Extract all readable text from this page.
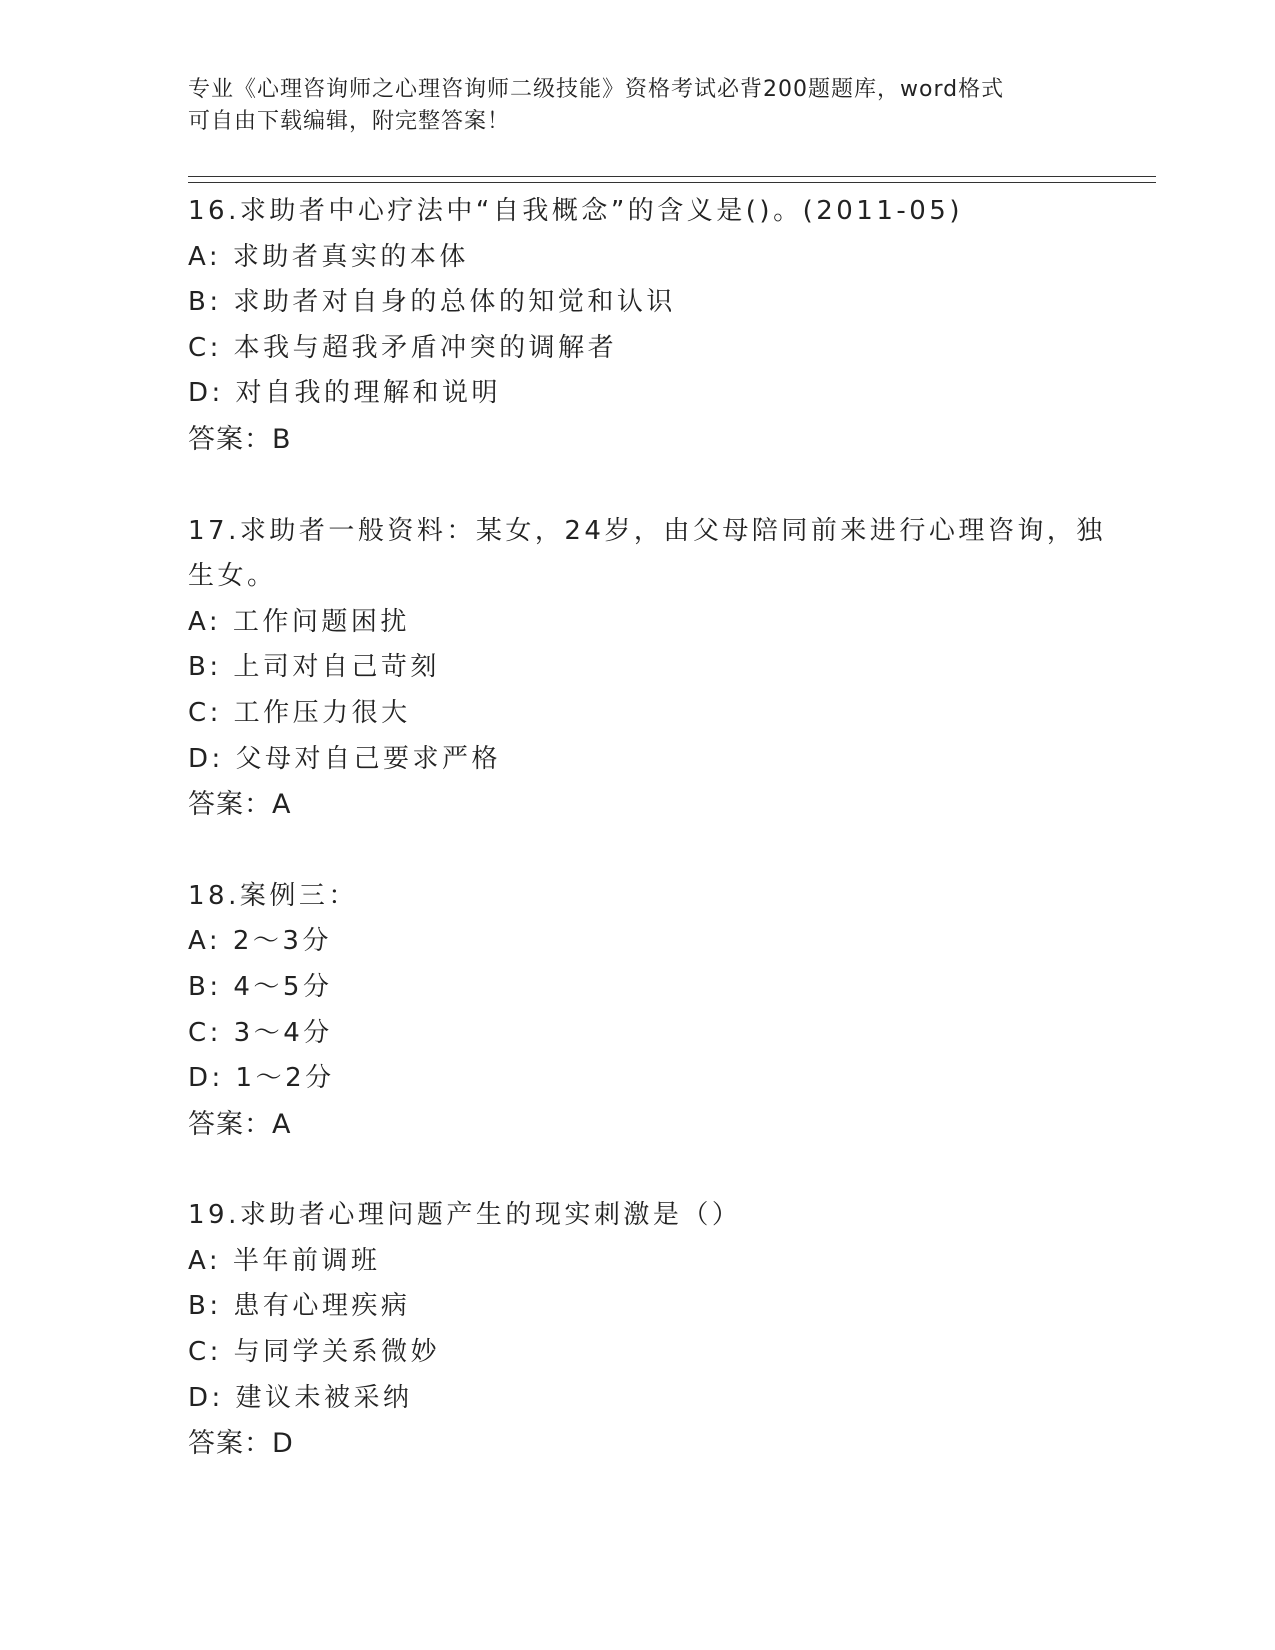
专业《心理咨询师之心理咨询师二级技能》资格考试必背200题题库，word格式
可自由下载编辑，附完整答案！
16.求助者中心疗法中“自我概念”的含义是()。(2011-05)
A: 求助者真实的本体
B: 求助者对自身的总体的知觉和认识
C: 本我与超我矛盾冲突的调解者
D: 对自我的理解和说明
答案：B
17.求助者一般资料：某女，24岁，由父母陪同前来进行心理咨询，独
生女。
A: 工作问题困扰
B: 上司对自己苛刻
C: 工作压力很大
D: 父母对自己要求严格
答案：A
18.案例三：
A: 2～3分
B: 4～5分
C: 3～4分
D: 1～2分
答案：A
19.求助者心理问题产生的现实刺激是（）
A: 半年前调班
B: 患有心理疾病
C: 与同学关系微妙
D: 建议未被采纳
答案：D
